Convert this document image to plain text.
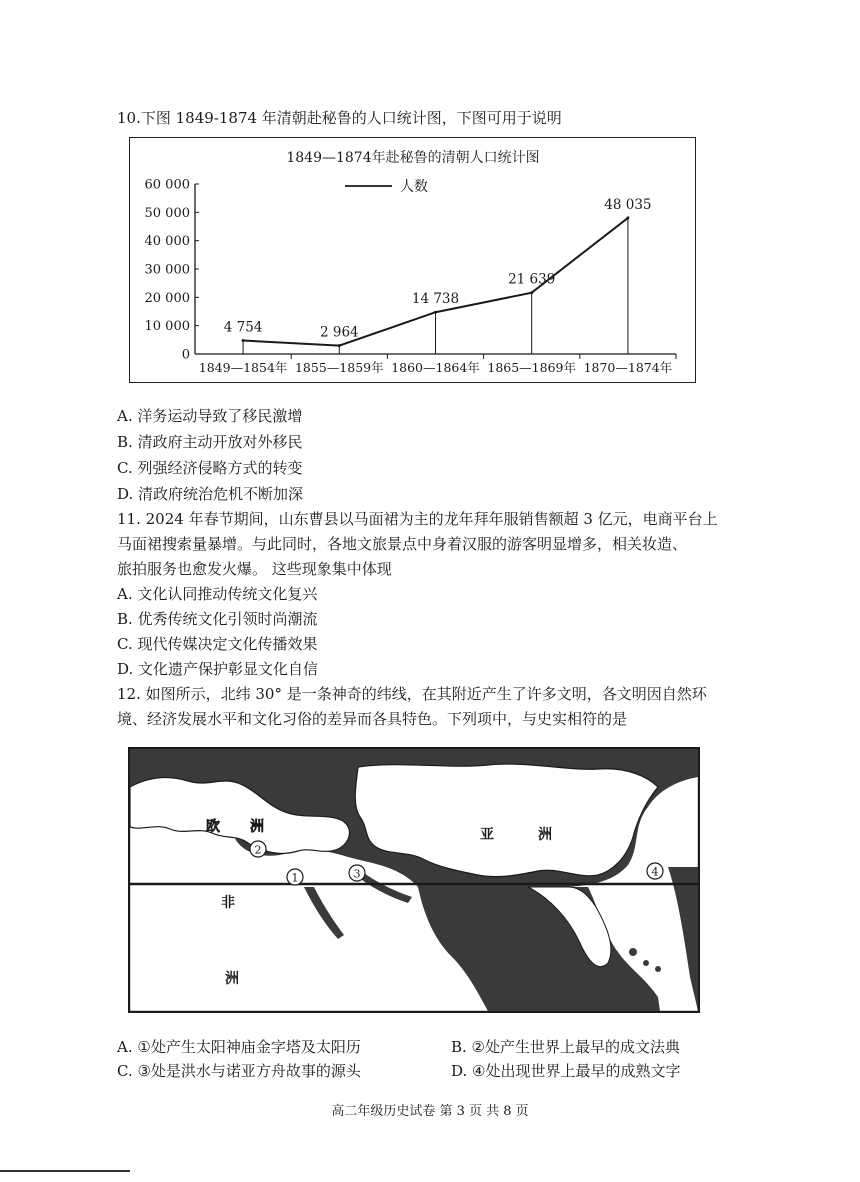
10.下图 1849-1874 年清朝赴秘鲁的人口统计图，下图可用于说明
1849—1874年赴秘鲁的清朝人口统计图
人数
0
10 000
20 000
30 000
40 000
50 000
60 000
1849—1854年 1855—1859年 1860—1864年 1865—1869年 1870—1874年
4 754	2 964
14 738
21 639
48 035
A. 洋务运动导致了移民激增
B. 清政府主动开放对外移民
C. 列强经济侵略方式的转变
D. 清政府统治危机不断加深
11. 2024 年春节期间，山东曹县以马面裙为主的龙年拜年服销售额超 3 亿元，电商平台上
马面裙搜索量暴增。与此同时，各地文旅景点中身着汉服的游客明显增多，相关妆造、
旅拍服务也愈发火爆。 这些现象集中体现
A. 文化认同推动传统文化复兴
B. 优秀传统文化引领时尚潮流
C. 现代传媒决定文化传播效果
D. 文化遗产保护彰显文化自信
12. 如图所示，北纬 30° 是一条神奇的纬线，在其附近产生了许多文明，各文明因自然环
境、经济发展水平和文化习俗的差异而各具特色。下列项中，与史实相符的是
欧 洲	亚	洲
非
洲
30°N	1
2
3	4
A. ①处产生太阳神庙金字塔及太阳历	B. ②处产生世界上最早的成文法典
C. ③处是洪水与诺亚方舟故事的源头	D. ④处出现世界上最早的成熟文字
高二年级历史试卷 第 3 页 共 8 页
